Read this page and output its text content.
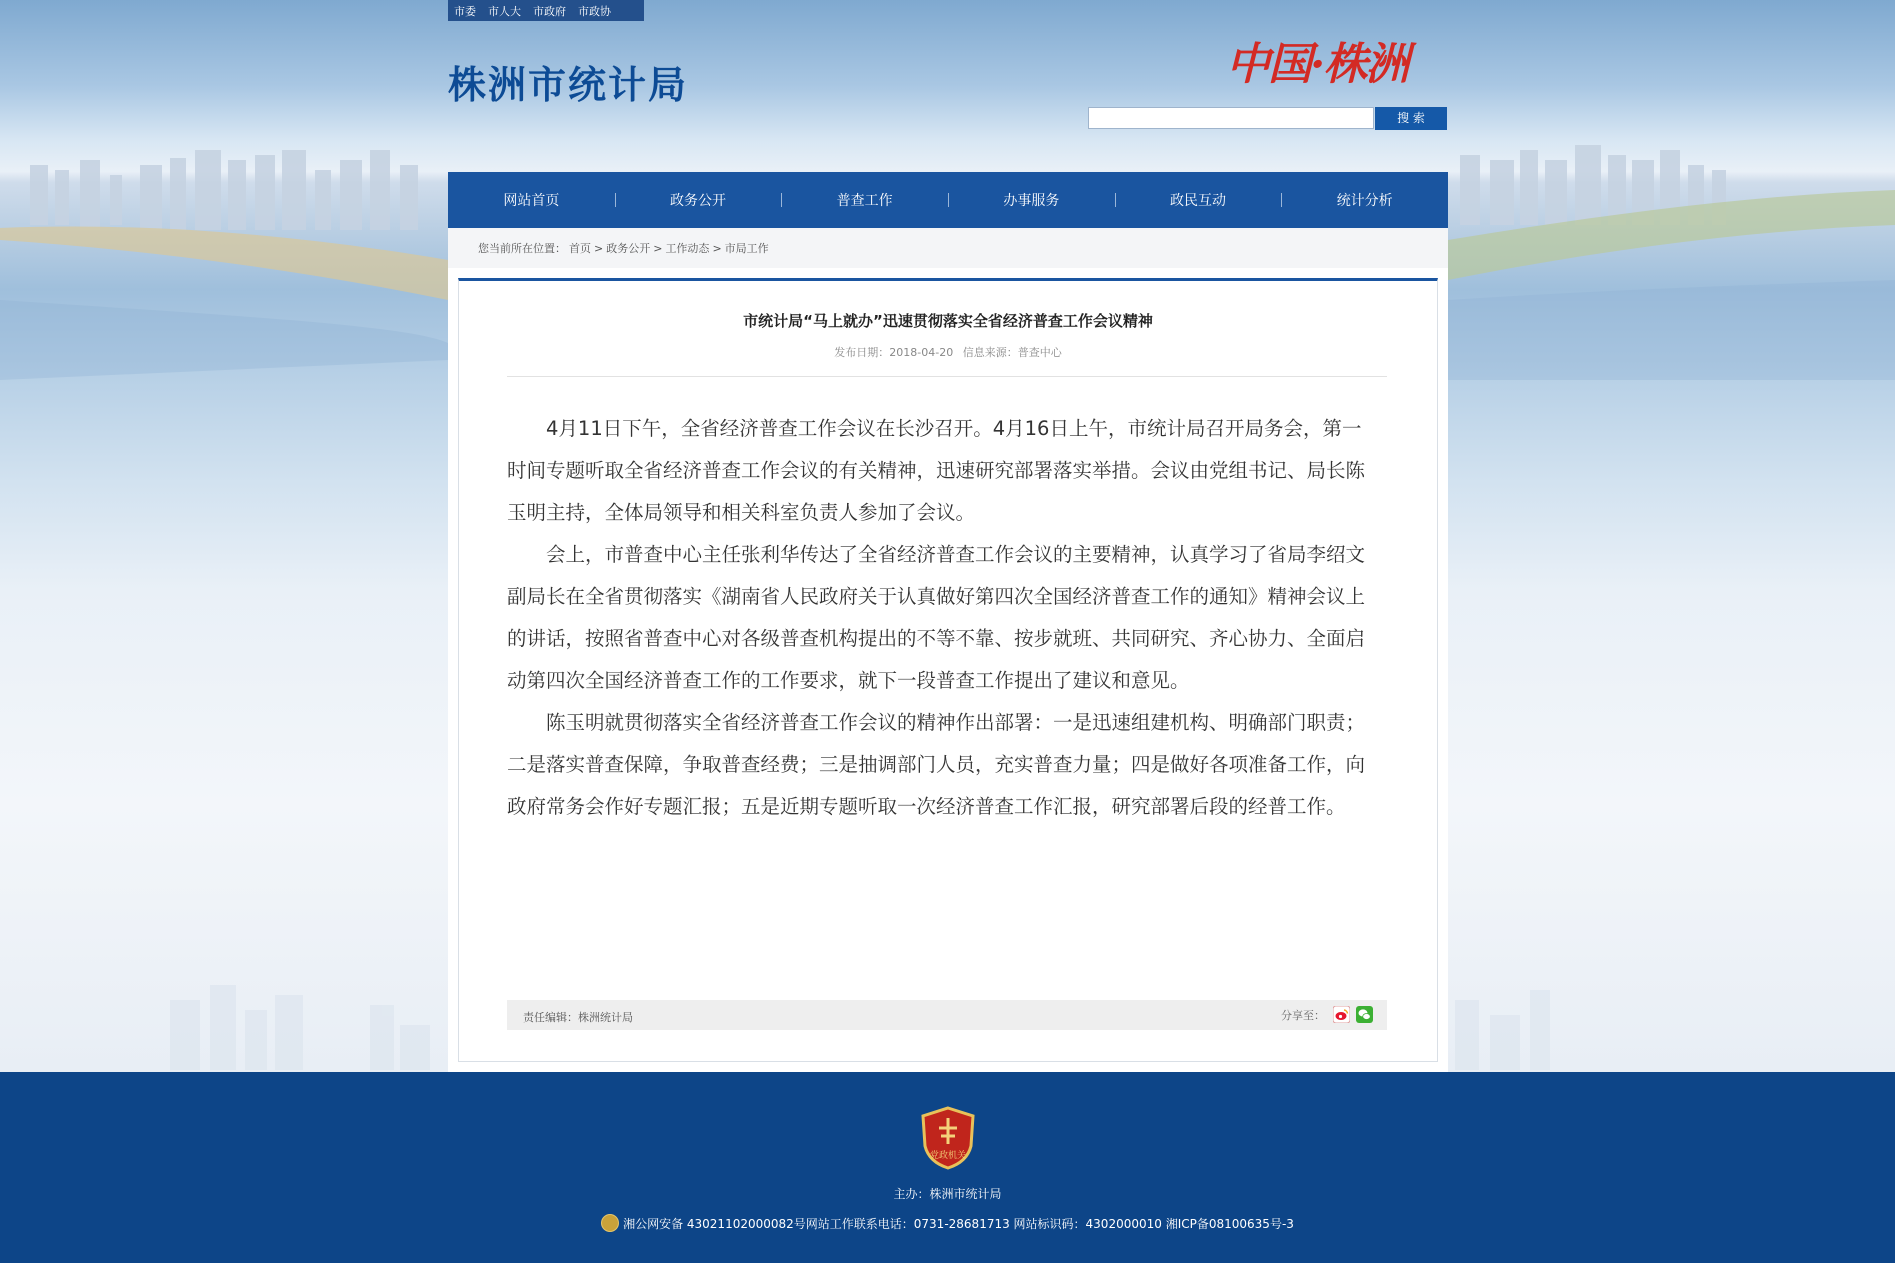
市委 市人大 市政府 市政协
株洲市统计局	中国·株洲
搜 索
网站首页	政务公开	普查工作	办事服务	政民互动	统计分析
您当前所在位置： 首页 > 政务公开 > 工作动态 > 市局工作
市统计局“马上就办”迅速贯彻落实全省经济普查工作会议精神
发布日期：2018-04-20 信息来源：普查中心

4月11日下午，全省经济普查工作会议在长沙召开。4月16日上午，市统计局召开局务会，第一时间专题听取全省经济普查工作会议的有关精神，迅速研究部署落实举措。会议由党组书记、局长陈玉明主持，全体局领导和相关科室负责人参加了会议。

会上，市普查中心主任张利华传达了全省经济普查工作会议的主要精神，认真学习了省局李绍文副局长在全省贯彻落实《湖南省人民政府关于认真做好第四次全国经济普查工作的通知》精神会议上的讲话，按照省普查中心对各级普查机构提出的不等不靠、按步就班、共同研究、齐心协力、全面启动第四次全国经济普查工作的工作要求，就下一段普查工作提出了建议和意见。

陈玉明就贯彻落实全省经济普查工作会议的精神作出部署：一是迅速组建机构、明确部门职责；二是落实普查保障，争取普查经费；三是抽调部门人员，充实普查力量；四是做好各项准备工作，向政府常务会作好专题汇报；五是近期专题听取一次经济普查工作汇报，研究部署后段的经普工作。

责任编辑：株洲统计局	分享至：
党政机关
主办：株洲市统计局
湘公网安备 43021102000082号网站工作联系电话：0731-28681713 网站标识码：4302000010 湘ICP备08100635号-3
